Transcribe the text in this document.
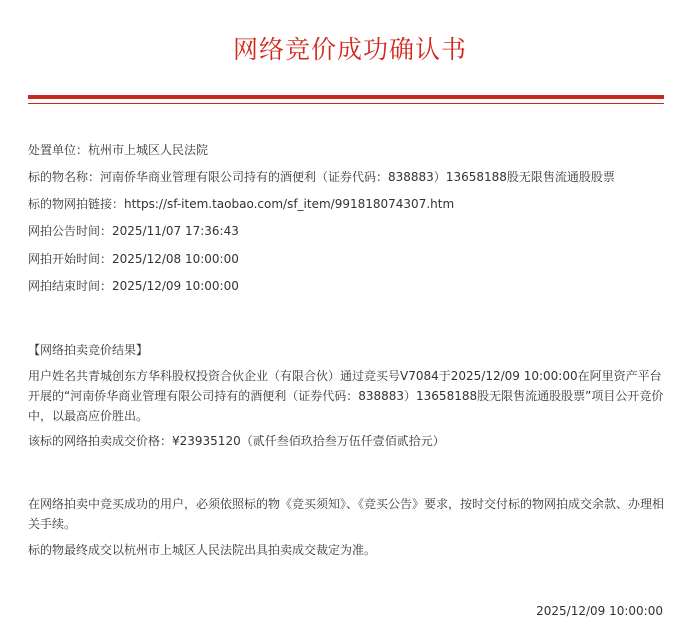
网络竞价成功确认书
处置单位：杭州市上城区人民法院
标的物名称：河南侨华商业管理有限公司持有的酒便利（证券代码：838883）13658188股无限售流通股股票
标的物网拍链接：https://sf-item.taobao.com/sf_item/991818074307.htm
网拍公告时间：2025/11/07 17:36:43
网拍开始时间：2025/12/08 10:00:00
网拍结束时间：2025/12/09 10:00:00
【网络拍卖竞价结果】

用户姓名共青城创东方华科股权投资合伙企业（有限合伙）通过竞买号V7084于2025/12/09 10:00:00在阿里资产平台开展的“河南侨华商业管理有限公司持有的酒便利（证券代码：838883）13658188股无限售流通股股票”项目公开竞价中，以最高应价胜出。

该标的网络拍卖成交价格：¥23935120（贰仟叁佰玖拾叁万伍仟壹佰贰拾元）

在网络拍卖中竞买成功的用户，必须依照标的物《竞买须知》、《竞买公告》要求，按时交付标的物网拍成交余款、办理相关手续。

标的物最终成交以杭州市上城区人民法院出具拍卖成交裁定为准。
2025/12/09 10:00:00
